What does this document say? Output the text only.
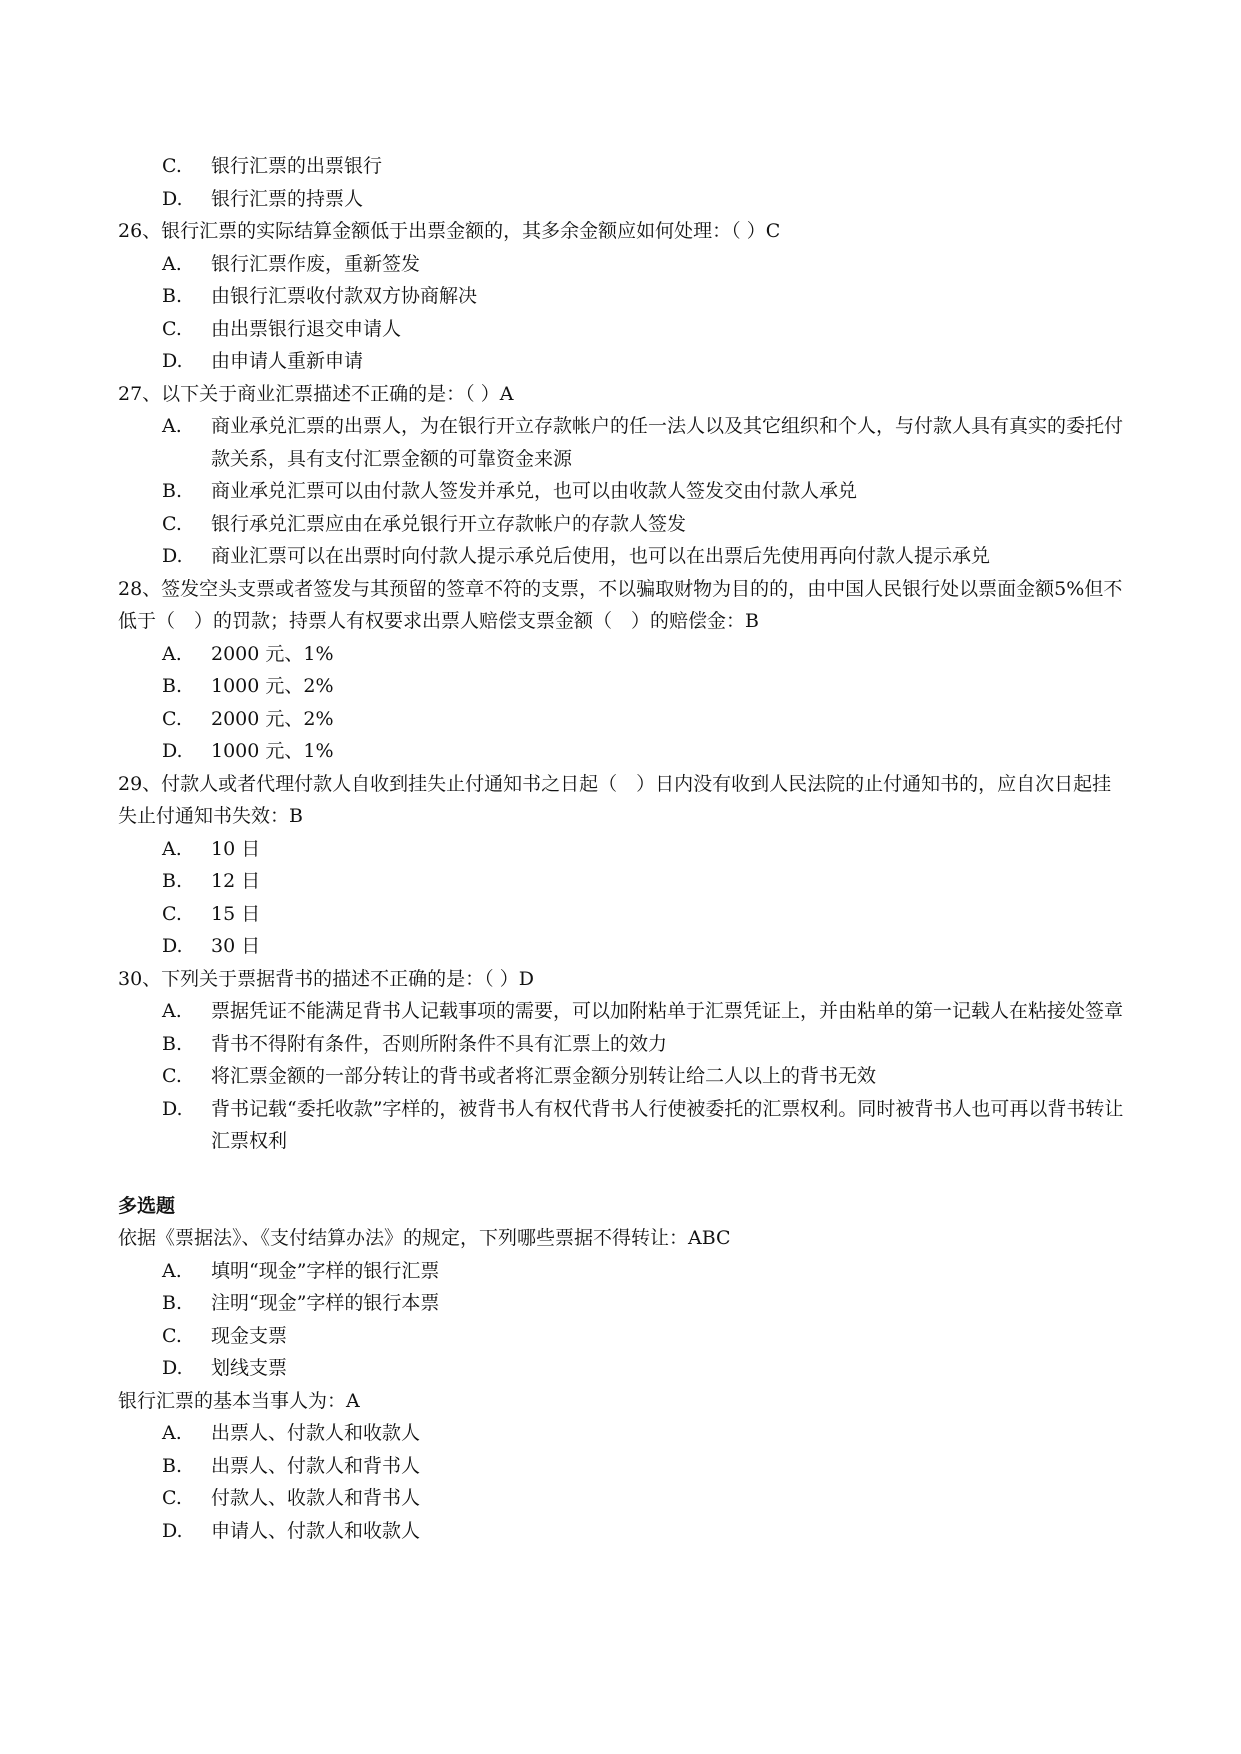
C.	银行汇票的出票银行
D.	银行汇票的持票人
26、银行汇票的实际结算金额低于出票金额的，其多余金额应如何处理：（ ）C
A.	银行汇票作废，重新签发
B.	由银行汇票收付款双方协商解决
C.	由出票银行退交申请人
D.	由申请人重新申请
27、以下关于商业汇票描述不正确的是：（ ）A
A.	商业承兑汇票的出票人，为在银行开立存款帐户的任一法人以及其它组织和个人，与付款人具有真实的委托付款关系，具有支付汇票金额的可靠资金来源
B.	商业承兑汇票可以由付款人签发并承兑，也可以由收款人签发交由付款人承兑
C.	银行承兑汇票应由在承兑银行开立存款帐户的存款人签发
D.	商业汇票可以在出票时向付款人提示承兑后使用，也可以在出票后先使用再向付款人提示承兑
28、签发空头支票或者签发与其预留的签章不符的支票，不以骗取财物为目的的，由中国人民银行处以票面金额5%但不低于（　）的罚款；持票人有权要求出票人赔偿支票金额（　）的赔偿金：B
A.	2000 元、1%
B.	1000 元、2%
C.	2000 元、2%
D.	1000 元、1%
29、付款人或者代理付款人自收到挂失止付通知书之日起（　）日内没有收到人民法院的止付通知书的，应自次日起挂失止付通知书失效：B
A.	10 日
B.	12 日
C.	15 日
D.	30 日
30、下列关于票据背书的描述不正确的是：（ ）D
A.	票据凭证不能满足背书人记载事项的需要，可以加附粘单于汇票凭证上，并由粘单的第一记载人在粘接处签章
B.	背书不得附有条件，否则所附条件不具有汇票上的效力
C.	将汇票金额的一部分转让的背书或者将汇票金额分别转让给二人以上的背书无效
D.	背书记载“委托收款”字样的，被背书人有权代背书人行使被委托的汇票权利。同时被背书人也可再以背书转让汇票权利
多选题
依据《票据法》、《支付结算办法》的规定，下列哪些票据不得转让：ABC
A.	填明“现金”字样的银行汇票
B.	注明“现金”字样的银行本票
C.	现金支票
D.	划线支票
银行汇票的基本当事人为：A
A.	出票人、付款人和收款人
B.	出票人、付款人和背书人
C.	付款人、收款人和背书人
D.	申请人、付款人和收款人
